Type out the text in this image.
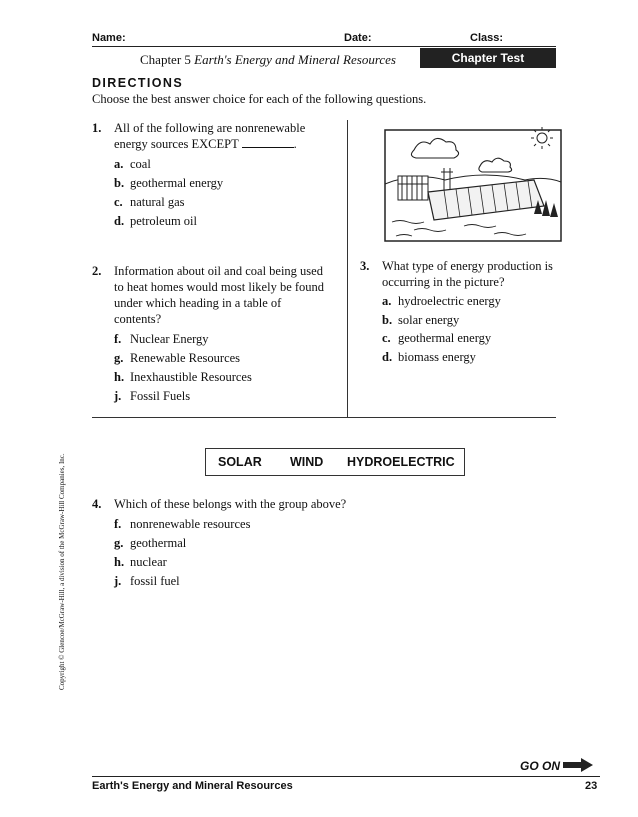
Name:	Date:	Class:
Chapter 5 Earth's Energy and Mineral Resources	Chapter Test
DIRECTIONS
Choose the best answer choice for each of the following questions.
1. All of the following are nonrenewable
energy sources EXCEPT	.
a. coal
b. geothermal energy
c. natural gas
d. petroleum oil
2. Information about oil and coal being used
to heat homes would most likely be found
under which heading in a table of
contents?
f. Nuclear Energy
g. Renewable Resources
h. Inexhaustible Resources
j. Fossil Fuels
3. What type of energy production is
occurring in the picture?
a. hydroelectric energy
b. solar energy
c. geothermal energy
d. biomass energy
SOLAR WIND HYDROELECTRIC
4. Which of these belongs with the group above?
f. nonrenewable resources
g. geothermal
h. nuclear
j. fossil fuel
Copyright © Glencoe/McGraw-Hill, a division of the McGraw-Hill Companies, Inc.
GO ON
Earth's Energy and Mineral Resources	23
